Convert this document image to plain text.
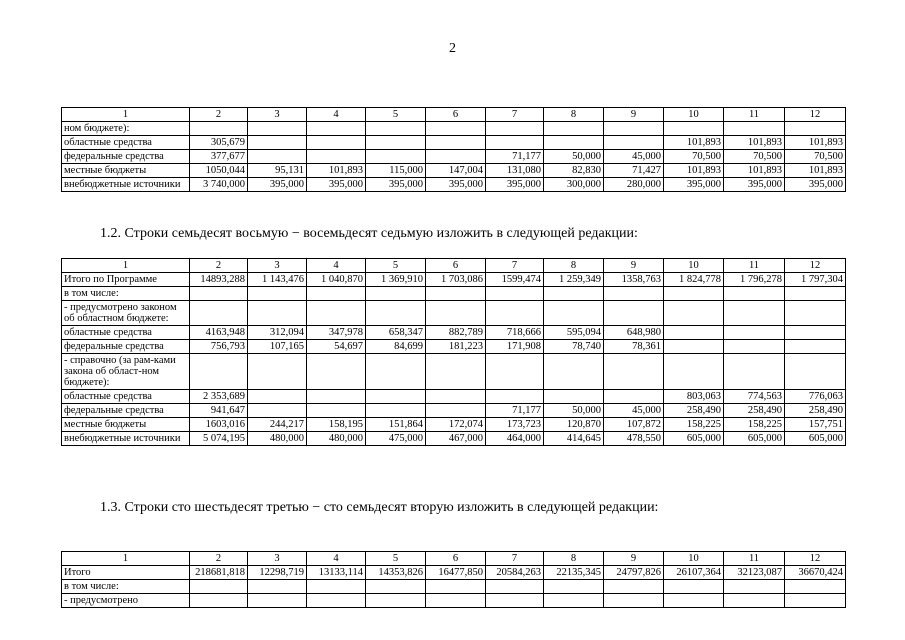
2
1	2	3	4	5	6	7	8	9	10	11	12
ном бюджете):											
областные средства	305,679								101,893	101,893	101,893
федеральные средства	377,677					71,177	50,000	45,000	70,500	70,500	70,500
местные бюджеты	1050,044	95,131	101,893	115,000	147,004	131,080	82,830	71,427	101,893	101,893	101,893
внебюджетные источники	3 740,000	395,000	395,000	395,000	395,000	395,000	300,000	280,000	395,000	395,000	395,000
1.2. Строки семьдесят восьмую − восемьдесят седьмую изложить в следующей редакции:
1	2	3	4	5	6	7	8	9	10	11	12
Итого по Программе	14893,288	1 143,476	1 040,870	1 369,910	1 703,086	1599,474	1 259,349	1358,763	1 824,778	1 796,278	1 797,304
в том числе:											
- предусмотрено законом об областном бюджете:											
областные средства	4163,948	312,094	347,978	658,347	882,789	718,666	595,094	648,980			
федеральные средства	756,793	107,165	54,697	84,699	181,223	171,908	78,740	78,361			
- справочно (за рам-ками закона об област-ном бюджете):											
областные средства	2 353,689								803,063	774,563	776,063
федеральные средства	941,647					71,177	50,000	45,000	258,490	258,490	258,490
местные бюджеты	1603,016	244,217	158,195	151,864	172,074	173,723	120,870	107,872	158,225	158,225	157,751
внебюджетные источники	5 074,195	480,000	480,000	475,000	467,000	464,000	414,645	478,550	605,000	605,000	605,000
1.3. Строки сто шестьдесят третью − сто семьдесят вторую изложить в следующей редакции:
1	2	3	4	5	6	7	8	9	10	11	12
Итого	218681,818	12298,719	13133,114	14353,826	16477,850	20584,263	22135,345	24797,826	26107,364	32123,087	36670,424
в том числе:											
- предусмотрено											
